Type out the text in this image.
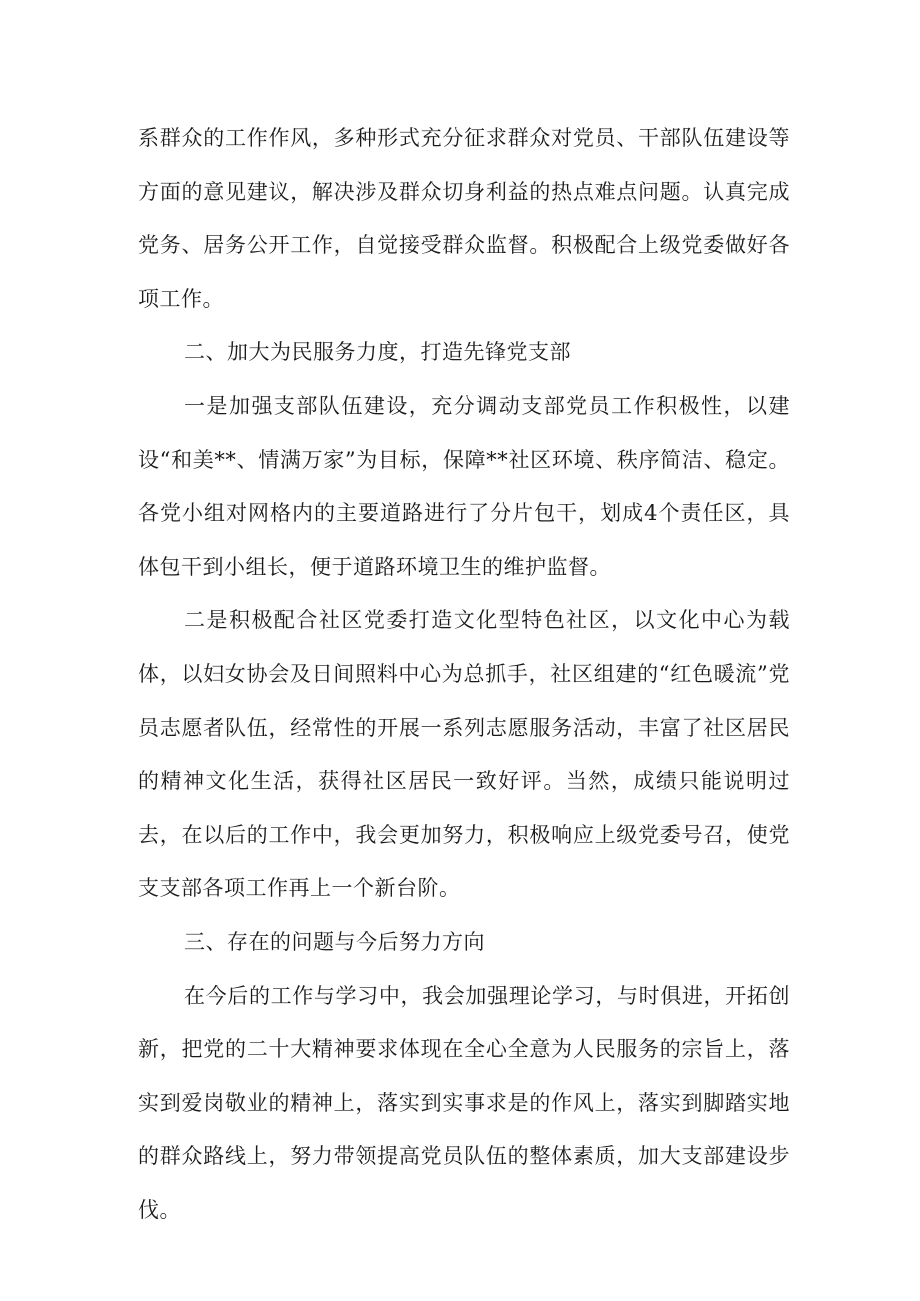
系群众的工作作风，多种形式充分征求群众对党员、干部队伍建设等方面的意见建议，解决涉及群众切身利益的热点难点问题。认真完成党务、居务公开工作，自觉接受群众监督。积极配合上级党委做好各项工作。

二、加大为民服务力度，打造先锋党支部

一是加强支部队伍建设，充分调动支部党员工作积极性，以建设“和美**、情满万家”为目标，保障**社区环境、秩序简洁、稳定。各党小组对网格内的主要道路进行了分片包干，划成4个责任区，具体包干到小组长，便于道路环境卫生的维护监督。

二是积极配合社区党委打造文化型特色社区，以文化中心为载体，以妇女协会及日间照料中心为总抓手，社区组建的“红色暖流”党员志愿者队伍，经常性的开展一系列志愿服务活动，丰富了社区居民的精神文化生活，获得社区居民一致好评。当然，成绩只能说明过去，在以后的工作中，我会更加努力，积极响应上级党委号召，使党支支部各项工作再上一个新台阶。

三、存在的问题与今后努力方向

在今后的工作与学习中，我会加强理论学习，与时俱进，开拓创新，把党的二十大精神要求体现在全心全意为人民服务的宗旨上，落实到爱岗敬业的精神上，落实到实事求是的作风上，落实到脚踏实地的群众路线上，努力带领提高党员队伍的整体素质，加大支部建设步伐。
